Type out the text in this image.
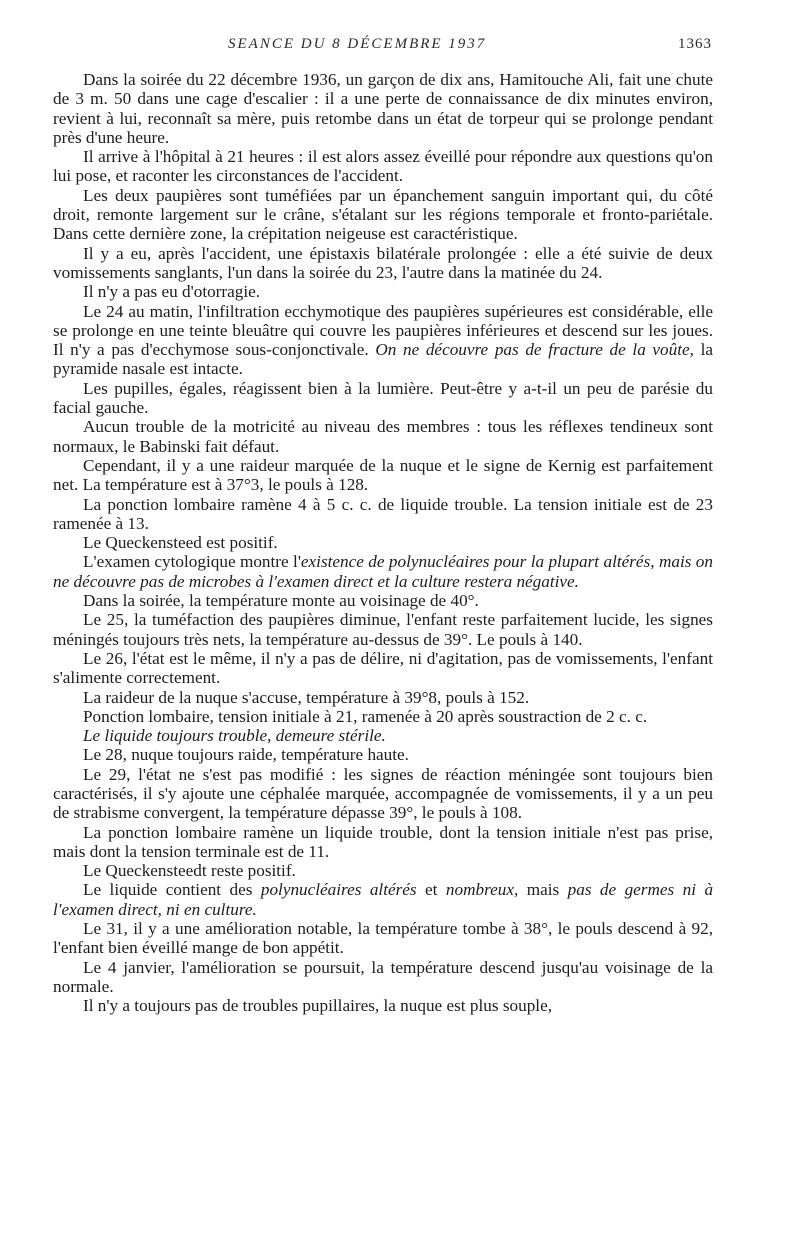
SEANCE DU 8 DÉCEMBRE 1937	1363

Dans la soirée du 22 décembre 1936, un garçon de dix ans, Hamitouche Ali, fait une chute de 3 m. 50 dans une cage d'escalier : il a une perte de connaissance de dix minutes environ, revient à lui, reconnaît sa mère, puis retombe dans un état de torpeur qui se prolonge pendant près d'une heure.

Il arrive à l'hôpital à 21 heures : il est alors assez éveillé pour répondre aux questions qu'on lui pose, et raconter les circonstances de l'accident.

Les deux paupières sont tuméfiées par un épanchement sanguin important qui, du côté droit, remonte largement sur le crâne, s'étalant sur les régions temporale et fronto-pariétale. Dans cette dernière zone, la crépitation neigeuse est caractéristique.

Il y a eu, après l'accident, une épistaxis bilatérale prolongée : elle a été suivie de deux vomissements sanglants, l'un dans la soirée du 23, l'autre dans la matinée du 24.

Il n'y a pas eu d'otorragie.

Le 24 au matin, l'infiltration ecchymotique des paupières supérieures est considérable, elle se prolonge en une teinte bleuâtre qui couvre les paupières inférieures et descend sur les joues. Il n'y a pas d'ecchymose sous-conjonctivale. On ne découvre pas de fracture de la voûte, la pyramide nasale est intacte.

Les pupilles, égales, réagissent bien à la lumière. Peut-être y a-t-il un peu de parésie du facial gauche.

Aucun trouble de la motricité au niveau des membres : tous les réflexes tendineux sont normaux, le Babinski fait défaut.

Cependant, il y a une raideur marquée de la nuque et le signe de Kernig est parfaitement net. La température est à 37°3, le pouls à 128.

La ponction lombaire ramène 4 à 5 c. c. de liquide trouble. La tension initiale est de 23 ramenée à 13.

Le Queckensteed est positif.

L'examen cytologique montre l'existence de polynucléaires pour la plupart altérés, mais on ne découvre pas de microbes à l'examen direct et la culture restera négative.

Dans la soirée, la température monte au voisinage de 40°.

Le 25, la tuméfaction des paupières diminue, l'enfant reste parfaitement lucide, les signes méningés toujours très nets, la température au-dessus de 39°. Le pouls à 140.

Le 26, l'état est le même, il n'y a pas de délire, ni d'agitation, pas de vomissements, l'enfant s'alimente correctement.

La raideur de la nuque s'accuse, température à 39°8, pouls à 152.

Ponction lombaire, tension initiale à 21, ramenée à 20 après soustraction de 2 c. c.

Le liquide toujours trouble, demeure stérile.

Le 28, nuque toujours raide, température haute.

Le 29, l'état ne s'est pas modifié : les signes de réaction méningée sont toujours bien caractérisés, il s'y ajoute une céphalée marquée, accompagnée de vomissements, il y a un peu de strabisme convergent, la température dépasse 39°, le pouls à 108.

La ponction lombaire ramène un liquide trouble, dont la tension initiale n'est pas prise, mais dont la tension terminale est de 11.

Le Queckensteedt reste positif.

Le liquide contient des polynucléaires altérés et nombreux, mais pas de germes ni à l'examen direct, ni en culture.

Le 31, il y a une amélioration notable, la température tombe à 38°, le pouls descend à 92, l'enfant bien éveillé mange de bon appétit.

Le 4 janvier, l'amélioration se poursuit, la température descend jusqu'au voisinage de la normale.

Il n'y a toujours pas de troubles pupillaires, la nuque est plus souple,
